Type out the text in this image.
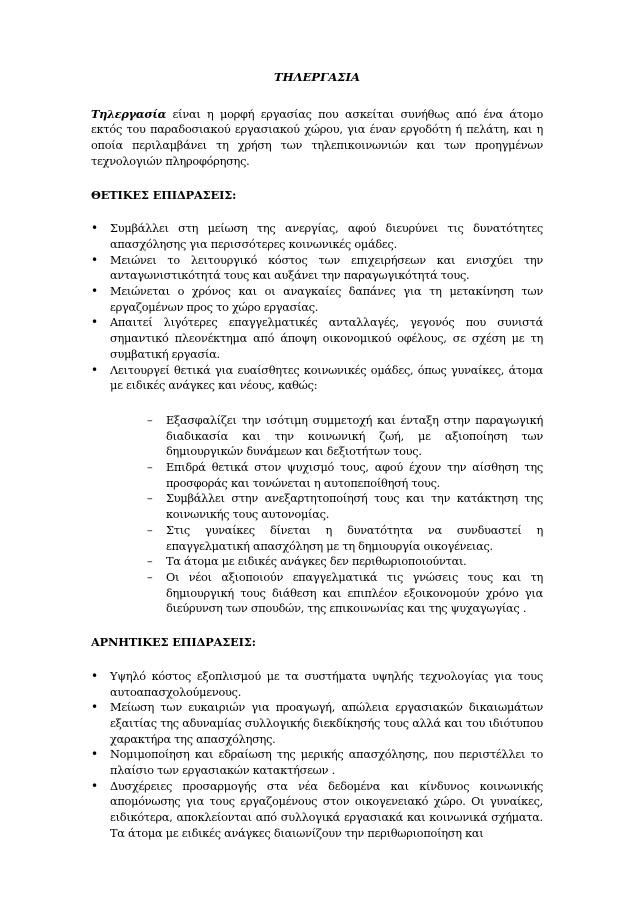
ΤΗΛΕΡΓΑΣΙΑ

Τηλεργασία είναι η μορφή εργασίας που ασκείται συνήθως από ένα άτομο εκτός του παραδοσιακού εργασιακού χώρου, για έναν εργοδότη ή πελάτη, και η οποία περιλαμβάνει τη χρήση των τηλεπικοινωνιών και των προηγμένων τεχνολογιών πληροφόρησης.

ΘΕΤΙΚΕΣ ΕΠΙΔΡΑΣΕΙΣ:
• Συμβάλλει στη μείωση της ανεργίας, αφού διευρύνει τις δυνατότητες απασχόλησης για περισσότερες κοινωνικές ομάδες.
• Μειώνει το λειτουργικό κόστος των επιχειρήσεων και ενισχύει την ανταγωνιστικότητά τους και αυξάνει την παραγωγικότητά τους.
• Μειώνεται ο χρόνος και οι αναγκαίες δαπάνες για τη μετακίνηση των εργαζομένων προς το χώρο εργασίας.
• Απαιτεί λιγότερες επαγγελματικές ανταλλαγές, γεγονός που συνιστά σημαντικό πλεονέκτημα από άποψη οικονομικού οφέλους, σε σχέση με τη συμβατική εργασία.
• Λειτουργεί θετικά για ευαίσθητες κοινωνικές ομάδες, όπως γυναίκες, άτομα με ειδικές ανάγκες και νέους, καθώς:
– Εξασφαλίζει την ισότιμη συμμετοχή και ένταξη στην παραγωγική διαδικασία και την κοινωνική ζωή, με αξιοποίηση των δημιουργικών δυνάμεων και δεξιοτήτων τους.
– Επιδρά θετικά στον ψυχισμό τους, αφού έχουν την αίσθηση της προσφοράς και τονώνεται η αυτοπεποίθησή τους.
– Συμβάλλει στην ανεξαρτητοποίησή τους και την κατάκτηση της κοινωνικής τους αυτονομίας.
– Στις γυναίκες δίνεται η δυνατότητα να συνδυαστεί η επαγγελματική απασχόληση με τη δημιουργία οικογένειας.
– Τα άτομα με ειδικές ανάγκες δεν περιθωριοποιούνται.
– Οι νέοι αξιοποιούν επαγγελματικά τις γνώσεις τους και τη δημιουργική τους διάθεση και επιπλέον εξοικονομούν χρόνο για διεύρυνση των σπουδών, της επικοινωνίας και της ψυχαγωγίας .
ΑΡΝΗΤΙΚΕΣ ΕΠΙΔΡΑΣΕΙΣ:
• Υψηλό κόστος εξοπλισμού με τα συστήματα υψηλής τεχνολογίας για τους αυτοαπασχολούμενους.
• Μείωση των ευκαιριών για προαγωγή, απώλεια εργασιακών δικαιωμάτων εξαιτίας της αδυναμίας συλλογικής διεκδίκησής τους αλλά και του ιδιότυπου χαρακτήρα της απασχόλησης.
• Νομιμοποίηση και εδραίωση της μερικής απασχόλησης, που περιστέλλει το πλαίσιο των εργασιακών κατακτήσεων .
• Δυσχέρειες προσαρμογής στα νέα δεδομένα και κίνδυνος κοινωνικής απομόνωσης για τους εργαζομένους στον οικογενειακό χώρο. Οι γυναίκες, ειδικότερα, αποκλείονται από συλλογικά εργασιακά και κοινωνικά σχήματα. Τα άτομα με ειδικές ανάγκες διαιωνίζουν την περιθωριοποίηση και
